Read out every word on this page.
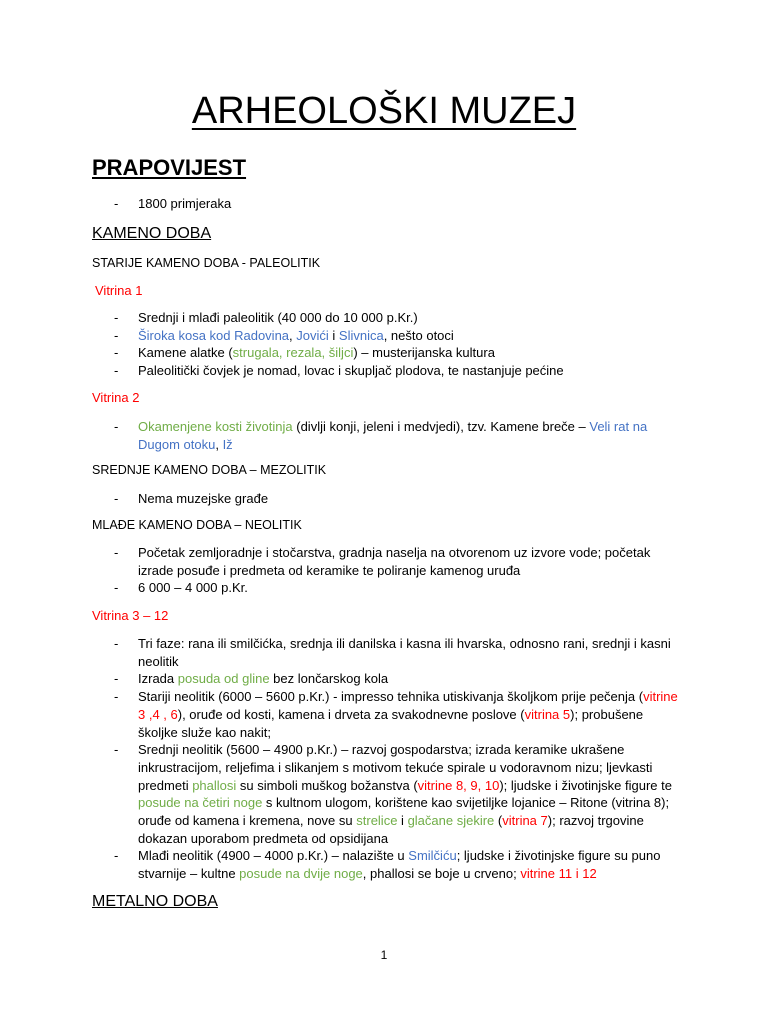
ARHEOLOŠKI MUZEJ
PRAPOVIJEST
- 1800 primjeraka
KAMENO DOBA
STARIJE KAMENO DOBA - PALEOLITIK
Vitrina 1
- Srednji i mlađi paleolitik (40 000 do 10 000 p.Kr.)
- Široka kosa kod Radovina, Jovići i Slivnica, nešto otoci
- Kamene alatke (strugala, rezala, šiljci) – musterijanska kultura
- Paleolitički čovjek je nomad, lovac i skupljač plodova, te nastanjuje pećine
Vitrina 2
- Okamenjene kosti životinja (divlji konji, jeleni i medvjedi), tzv. Kamene breče – Veli rat na Dugom otoku, Iž
SREDNJE KAMENO DOBA – MEZOLITIK
- Nema muzejske građe
MLAĐE KAMENO DOBA – NEOLITIK
- Početak zemljoradnje i stočarstva, gradnja naselja na otvorenom uz izvore vode; početak izrade posuđe i predmeta od keramike te poliranje kamenog uruđa
- 6 000 – 4 000 p.Kr.
Vitrina 3 – 12
- Tri faze: rana ili smilčićka, srednja ili danilska i kasna ili hvarska, odnosno rani, srednji i kasni neolitik
- Izrada posuda od gline bez lončarskog kola
- Stariji neolitik (6000 – 5600 p.Kr.) - impresso tehnika utiskivanja školjkom prije pečenja (vitrine 3 ,4 , 6), oruđe od kosti, kamena i drveta za svakodnevne poslove (vitrina 5); probušene školjke služe kao nakit;
- Srednji neolitik (5600 – 4900 p.Kr.) – razvoj gospodarstva; izrada keramike ukrašene inkrustracijom, reljefima i slikanjem s motivom tekuće spirale u vodoravnom nizu; ljevkasti predmeti phallosi su simboli muškog božanstva (vitrine 8, 9, 10); ljudske i životinjske figure te posude na četiri noge s kultnom ulogom, korištene kao svijetiljke lojanice – Ritone (vitrina 8); oruđe od kamena i kremena, nove su strelice i glačane sjekire (vitrina 7); razvoj trgovine dokazan uporabom predmeta od opsidijana
- Mlađi neolitik (4900 – 4000 p.Kr.) – nalazište u Smilčiću; ljudske i životinjske figure su puno stvarnije – kultne posude na dvije noge, phallosi se boje u crveno; vitrine 11 i 12
METALNO DOBA
1
